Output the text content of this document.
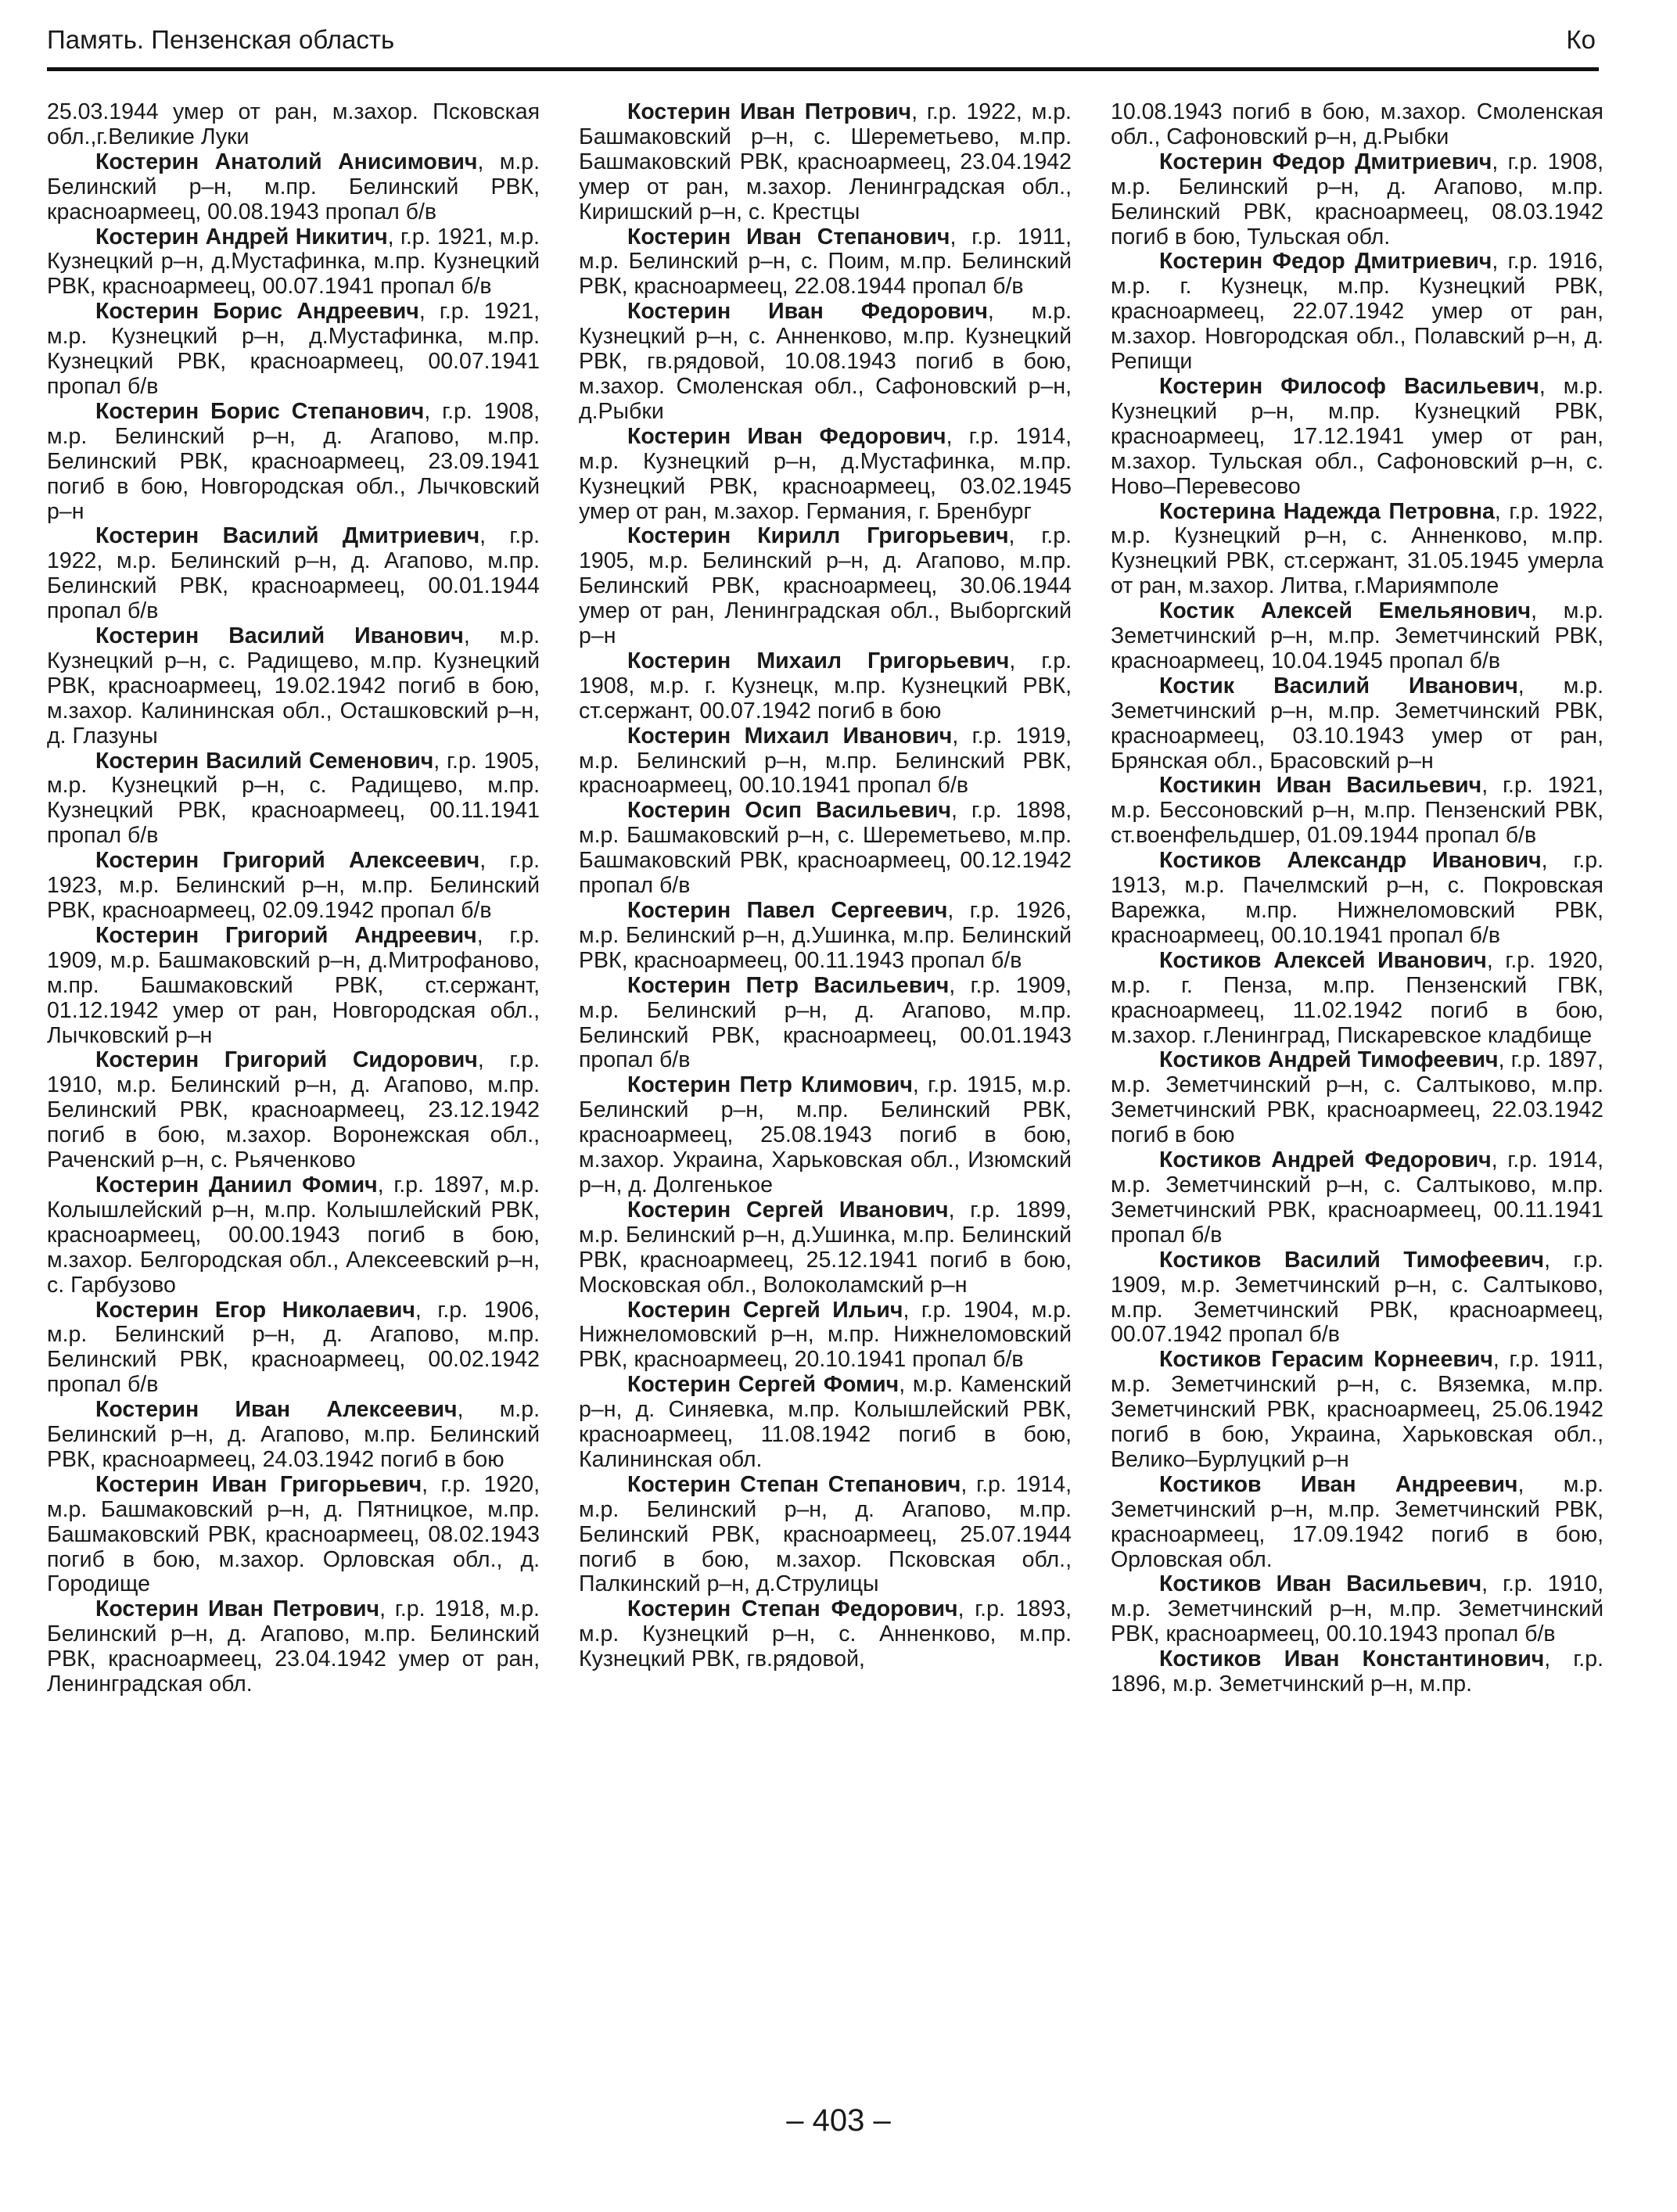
Память. Пензенская область	Ко

25.03.1944 умер от ран, м.захор. Псковская обл.,г.Великие Луки

Костерин Анатолий Анисимович, м.р. Белинский р–н, м.пр. Белинский РВК, красноармеец, 00.08.1943 пропал б/в

Костерин Андрей Никитич, г.р. 1921, м.р. Кузнецкий р–н, д.Мустафинка, м.пр. Кузнецкий РВК, красноармеец, 00.07.1941 пропал б/в

Костерин Борис Андреевич, г.р. 1921, м.р. Кузнецкий р–н, д.Мустафинка, м.пр. Кузнецкий РВК, красноармеец, 00.07.1941 пропал б/в

Костерин Борис Степанович, г.р. 1908, м.р. Белинский р–н, д. Агапово, м.пр. Белинский РВК, красноармеец, 23.09.1941 погиб в бою, Новгородская обл., Лычковский р–н

Костерин Василий Дмитриевич, г.р. 1922, м.р. Белинский р–н, д. Агапово, м.пр. Белинский РВК, красноармеец, 00.01.1944 пропал б/в

Костерин Василий Иванович, м.р. Кузнецкий р–н, с. Радищево, м.пр. Кузнецкий РВК, красноармеец, 19.02.1942 погиб в бою, м.захор. Калининская обл., Осташковский р–н, д. Глазуны

Костерин Василий Семенович, г.р. 1905, м.р. Кузнецкий р–н, с. Радищево, м.пр. Кузнецкий РВК, красноармеец, 00.11.1941 пропал б/в

Костерин Григорий Алексеевич, г.р. 1923, м.р. Белинский р–н, м.пр. Белинский РВК, красноармеец, 02.09.1942 пропал б/в

Костерин Григорий Андреевич, г.р. 1909, м.р. Башмаковский р–н, д.Митрофаново, м.пр. Башмаковский РВК, ст.сержант, 01.12.1942 умер от ран, Новгородская обл., Лычковский р–н

Костерин Григорий Сидорович, г.р. 1910, м.р. Белинский р–н, д. Агапово, м.пр. Белинский РВК, красноармеец, 23.12.1942 погиб в бою, м.захор. Воронежская обл., Раченский р–н, с. Рьяченково

Костерин Даниил Фомич, г.р. 1897, м.р. Колышлейский р–н, м.пр. Колышлейский РВК, красноармеец, 00.00.1943 погиб в бою, м.захор. Белгородская обл., Алексеевский р–н, с. Гарбузово

Костерин Егор Николаевич, г.р. 1906, м.р. Белинский р–н, д. Агапово, м.пр. Белинский РВК, красноармеец, 00.02.1942 пропал б/в

Костерин Иван Алексеевич, м.р. Белинский р–н, д. Агапово, м.пр. Белинский РВК, красноармеец, 24.03.1942 погиб в бою

Костерин Иван Григорьевич, г.р. 1920, м.р. Башмаковский р–н, д. Пятницкое, м.пр. Башмаковский РВК, красноармеец, 08.02.1943 погиб в бою, м.захор. Орловская обл., д. Городище

Костерин Иван Петрович, г.р. 1918, м.р. Белинский р–н, д. Агапово, м.пр. Белинский РВК, красноармеец, 23.04.1942 умер от ран, Ленинградская обл.

Костерин Иван Петрович, г.р. 1922, м.р. Башмаковский р–н, с. Шереметьево, м.пр. Башмаковский РВК, красноармеец, 23.04.1942 умер от ран, м.захор. Ленинградская обл., Киришский р–н, с. Крестцы

Костерин Иван Степанович, г.р. 1911, м.р. Белинский р–н, с. Поим, м.пр. Белинский РВК, красноармеец, 22.08.1944 пропал б/в

Костерин Иван Федорович, м.р. Кузнецкий р–н, с. Анненково, м.пр. Кузнецкий РВК, гв.рядовой, 10.08.1943 погиб в бою, м.захор. Смоленская обл., Сафоновский р–н, д.Рыбки

Костерин Иван Федорович, г.р. 1914, м.р. Кузнецкий р–н, д.Мустафинка, м.пр. Кузнецкий РВК, красноармеец, 03.02.1945 умер от ран, м.захор. Германия, г. Бренбург

Костерин Кирилл Григорьевич, г.р. 1905, м.р. Белинский р–н, д. Агапово, м.пр. Белинский РВК, красноармеец, 30.06.1944 умер от ран, Ленинградская обл., Выборгский р–н

Костерин Михаил Григорьевич, г.р. 1908, м.р. г. Кузнецк, м.пр. Кузнецкий РВК, ст.сержант, 00.07.1942 погиб в бою

Костерин Михаил Иванович, г.р. 1919, м.р. Белинский р–н, м.пр. Белинский РВК, красноармеец, 00.10.1941 пропал б/в

Костерин Осип Васильевич, г.р. 1898, м.р. Башмаковский р–н, с. Шереметьево, м.пр. Башмаковский РВК, красноармеец, 00.12.1942 пропал б/в

Костерин Павел Сергеевич, г.р. 1926, м.р. Белинский р–н, д.Ушинка, м.пр. Белинский РВК, красноармеец, 00.11.1943 пропал б/в

Костерин Петр Васильевич, г.р. 1909, м.р. Белинский р–н, д. Агапово, м.пр. Белинский РВК, красноармеец, 00.01.1943 пропал б/в

Костерин Петр Климович, г.р. 1915, м.р. Белинский р–н, м.пр. Белинский РВК, красноармеец, 25.08.1943 погиб в бою, м.захор. Украина, Харьковская обл., Изюмский р–н, д. Долгенькое

Костерин Сергей Иванович, г.р. 1899, м.р. Белинский р–н, д.Ушинка, м.пр. Белинский РВК, красноармеец, 25.12.1941 погиб в бою, Московская обл., Волоколамский р–н

Костерин Сергей Ильич, г.р. 1904, м.р. Нижнеломовский р–н, м.пр. Нижнеломовский РВК, красноармеец, 20.10.1941 пропал б/в

Костерин Сергей Фомич, м.р. Каменский р–н, д. Синяевка, м.пр. Колышлейский РВК, красноармеец, 11.08.1942 погиб в бою, Калининская обл.

Костерин Степан Степанович, г.р. 1914, м.р. Белинский р–н, д. Агапово, м.пр. Белинский РВК, красноармеец, 25.07.1944 погиб в бою, м.захор. Псковская обл., Палкинский р–н, д.Струлицы

Костерин Степан Федорович, г.р. 1893, м.р. Кузнецкий р–н, с. Анненково, м.пр. Кузнецкий РВК, гв.рядовой,

10.08.1943 погиб в бою, м.захор. Смоленская обл., Сафоновский р–н, д.Рыбки

Костерин Федор Дмитриевич, г.р. 1908, м.р. Белинский р–н, д. Агапово, м.пр. Белинский РВК, красноармеец, 08.03.1942 погиб в бою, Тульская обл.

Костерин Федор Дмитриевич, г.р. 1916, м.р. г. Кузнецк, м.пр. Кузнецкий РВК, красноармеец, 22.07.1942 умер от ран, м.захор. Новгородская обл., Полавский р–н, д. Репищи

Костерин Философ Васильевич, м.р. Кузнецкий р–н, м.пр. Кузнецкий РВК, красноармеец, 17.12.1941 умер от ран, м.захор. Тульская обл., Сафоновский р–н, с. Ново–Перевесово

Костерина Надежда Петровна, г.р. 1922, м.р. Кузнецкий р–н, с. Анненково, м.пр. Кузнецкий РВК, ст.сержант, 31.05.1945 умерла от ран, м.захор. Литва, г.Мариямполе

Костик Алексей Емельянович, м.р. Земетчинский р–н, м.пр. Земетчинский РВК, красноармеец, 10.04.1945 пропал б/в

Костик Василий Иванович, м.р. Земетчинский р–н, м.пр. Земетчинский РВК, красноармеец, 03.10.1943 умер от ран, Брянская обл., Брасовский р–н

Костикин Иван Васильевич, г.р. 1921, м.р. Бессоновский р–н, м.пр. Пензенский РВК, ст.военфельдшер, 01.09.1944 пропал б/в

Костиков Александр Иванович, г.р. 1913, м.р. Пачелмский р–н, с. Покровская Варежка, м.пр. Нижнеломовский РВК, красноармеец, 00.10.1941 пропал б/в

Костиков Алексей Иванович, г.р. 1920, м.р. г. Пенза, м.пр. Пензенский ГВК, красноармеец, 11.02.1942 погиб в бою, м.захор. г.Ленинград, Пискаревское кладбище

Костиков Андрей Тимофеевич, г.р. 1897, м.р. Земетчинский р–н, с. Салтыково, м.пр. Земетчинский РВК, красноармеец, 22.03.1942 погиб в бою

Костиков Андрей Федорович, г.р. 1914, м.р. Земетчинский р–н, с. Салтыково, м.пр. Земетчинский РВК, красноармеец, 00.11.1941 пропал б/в

Костиков Василий Тимофеевич, г.р. 1909, м.р. Земетчинский р–н, с. Салтыково, м.пр. Земетчинский РВК, красноармеец, 00.07.1942 пропал б/в

Костиков Герасим Корнеевич, г.р. 1911, м.р. Земетчинский р–н, с. Вяземка, м.пр. Земетчинский РВК, красноармеец, 25.06.1942 погиб в бою, Украина, Харьковская обл., Велико–Бурлуцкий р–н

Костиков Иван Андреевич, м.р. Земетчинский р–н, м.пр. Земетчинский РВК, красноармеец, 17.09.1942 погиб в бою, Орловская обл.

Костиков Иван Васильевич, г.р. 1910, м.р. Земетчинский р–н, м.пр. Земетчинский РВК, красноармеец, 00.10.1943 пропал б/в

Костиков Иван Константинович, г.р. 1896, м.р. Земетчинский р–н, м.пр.

– 403 –
